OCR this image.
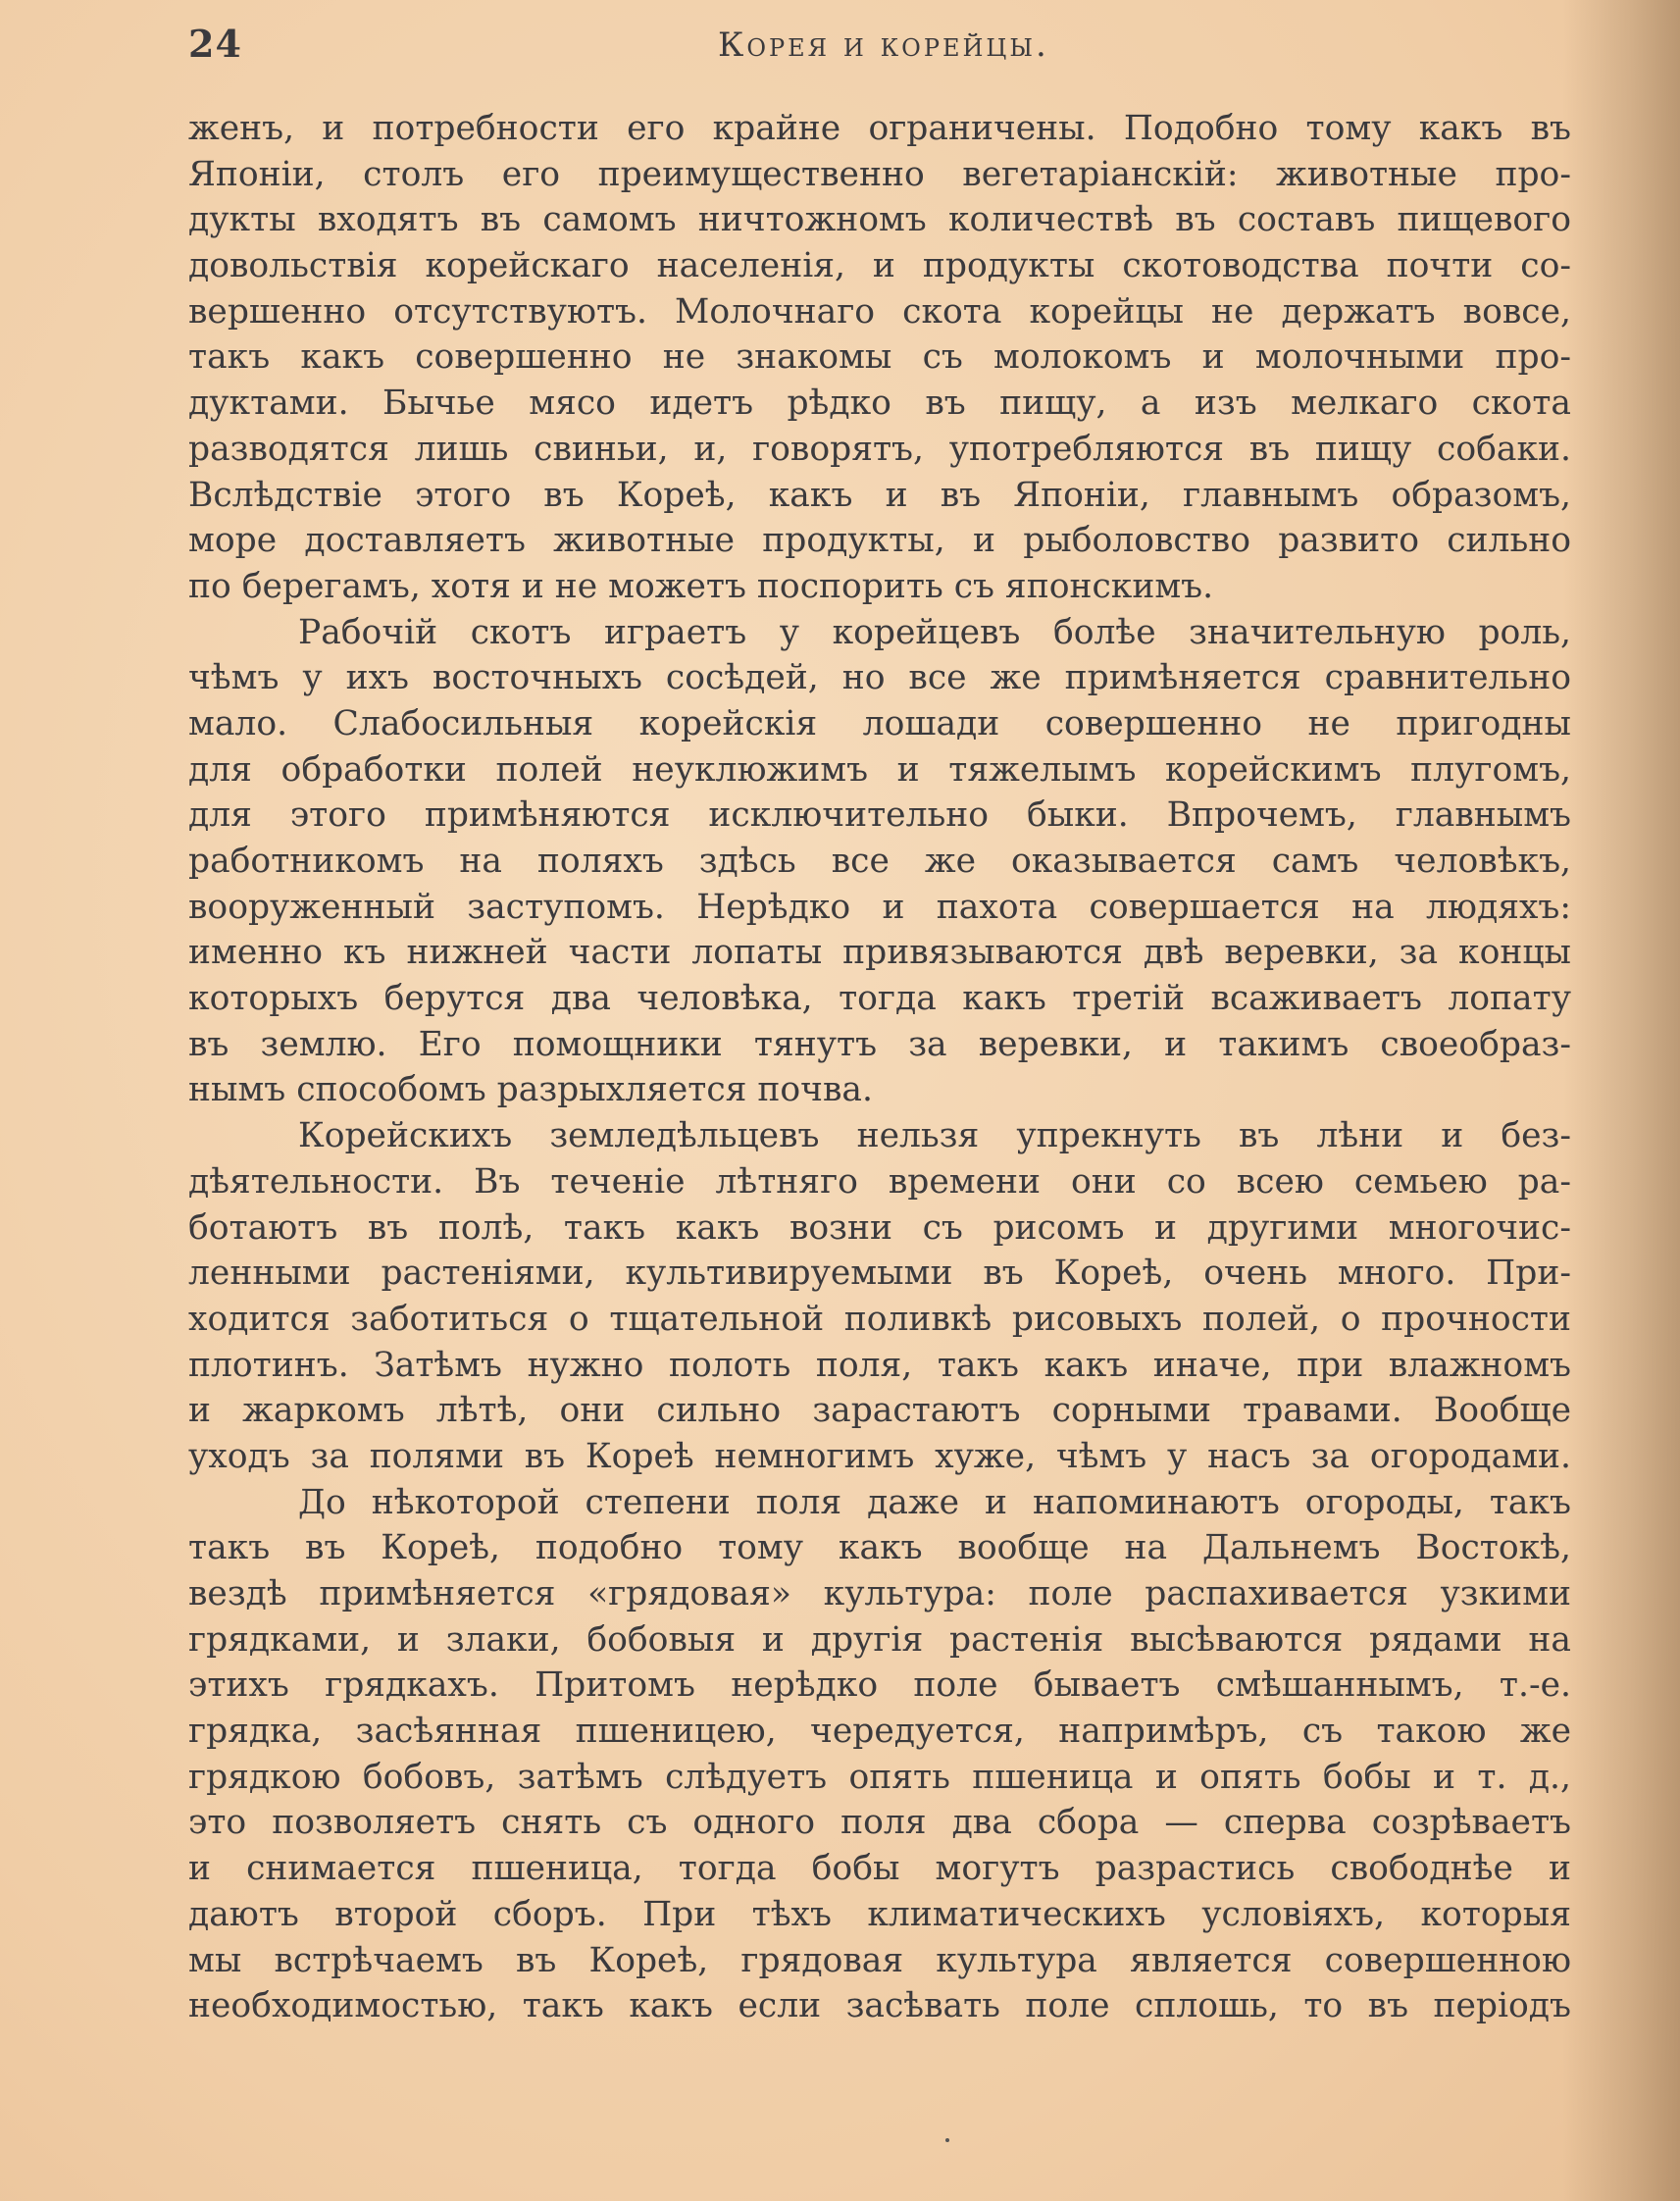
24	Корея и корейцы.
женъ, и потребности его крайне ограничены. Подобно тому какъ въ
Японіи, столъ его преимущественно вегетаріанскій: животные про-
дукты входятъ въ самомъ ничтожномъ количествѣ въ составъ пищевого
довольствія корейскаго населенія, и продукты скотоводства почти со-
вершенно отсутствуютъ. Молочнаго скота корейцы не держатъ вовсе,
такъ какъ совершенно не знакомы съ молокомъ и молочными про-
дуктами. Бычье мясо идетъ рѣдко въ пищу, а изъ мелкаго скота
разводятся лишь свиньи, и, говорятъ, употребляются въ пищу собаки.
Вслѣдствіе этого въ Кореѣ, какъ и въ Японіи, главнымъ образомъ,
море доставляетъ животные продукты, и рыболовство развито сильно
по берегамъ, хотя и не можетъ поспорить съ японскимъ.
Рабочій скотъ играетъ у корейцевъ болѣе значительную роль,
чѣмъ у ихъ восточныхъ сосѣдей, но все же примѣняется сравнительно
мало. Слабосильныя корейскія лошади совершенно не пригодны
для обработки полей неуклюжимъ и тяжелымъ корейскимъ плугомъ,
для этого примѣняются исключительно быки. Впрочемъ, главнымъ
работникомъ на поляхъ здѣсь все же оказывается самъ человѣкъ,
вооруженный заступомъ. Нерѣдко и пахота совершается на людяхъ:
именно къ нижней части лопаты привязываются двѣ веревки, за концы
которыхъ берутся два человѣка, тогда какъ третій всаживаетъ лопату
въ землю. Его помощники тянутъ за веревки, и такимъ своеобраз-
нымъ способомъ разрыхляется почва.
Корейскихъ земледѣльцевъ нельзя упрекнуть въ лѣни и без-
дѣятельности. Въ теченіе лѣтняго времени они со всею семьею ра-
ботаютъ въ полѣ, такъ какъ возни съ рисомъ и другими многочис-
ленными растеніями, культивируемыми въ Кореѣ, очень много. При-
ходится заботиться о тщательной поливкѣ рисовыхъ полей, о прочности
плотинъ. Затѣмъ нужно полоть поля, такъ какъ иначе, при влажномъ
и жаркомъ лѣтѣ, они сильно зарастаютъ сорными травами. Вообще
уходъ за полями въ Кореѣ немногимъ хуже, чѣмъ у насъ за огородами.
До нѣкоторой степени поля даже и напоминаютъ огороды, такъ
такъ въ Кореѣ, подобно тому какъ вообще на Дальнемъ Востокѣ,
вездѣ примѣняется «грядовая» культура: поле распахивается узкими
грядками, и злаки, бобовыя и другія растенія высѣваются рядами на
этихъ грядкахъ. Притомъ нерѣдко поле бываетъ смѣшаннымъ, т.-е.
грядка, засѣянная пшеницею, чередуется, напримѣръ, съ такою же
грядкою бобовъ, затѣмъ слѣдуетъ опять пшеница и опять бобы и т. д.,
это позволяетъ снять съ одного поля два сбора — сперва созрѣваетъ
и снимается пшеница, тогда бобы могутъ разрастись свободнѣе и
даютъ второй сборъ. При тѣхъ климатическихъ условіяхъ, которыя
мы встрѣчаемъ въ Кореѣ, грядовая культура является совершенною
необходимостью, такъ какъ если засѣвать поле сплошь, то въ періодъ
